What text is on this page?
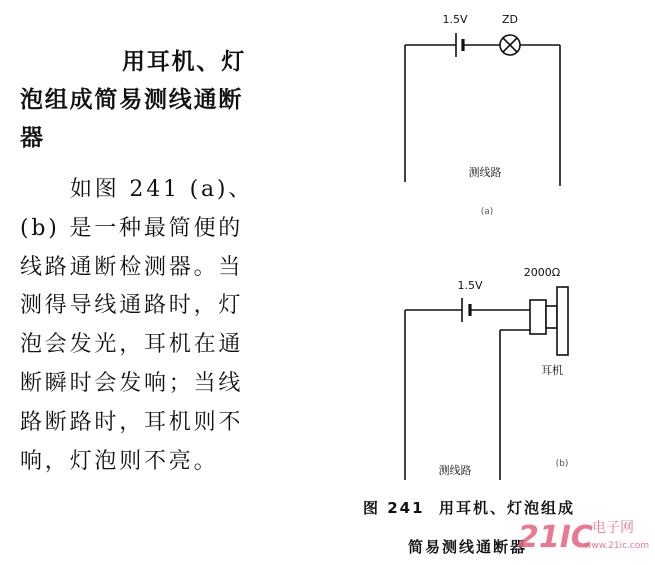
用耳机、灯
泡组成简易测线通断
器
如图 241 (a)、
(b) 是一种最简便的
线路通断检测器。当
测得导线通路时，灯
泡会发光，耳机在通
断瞬时会发响；当线
路断路时，耳机则不
响，灯泡则不亮。
1.5V	ZD
测线路
(a)
2000Ω
1.5V
耳机
测线路	(b)
图 241  用耳机、灯泡组成
简易测线通断器
21IC 电子网
www.21ic.com
